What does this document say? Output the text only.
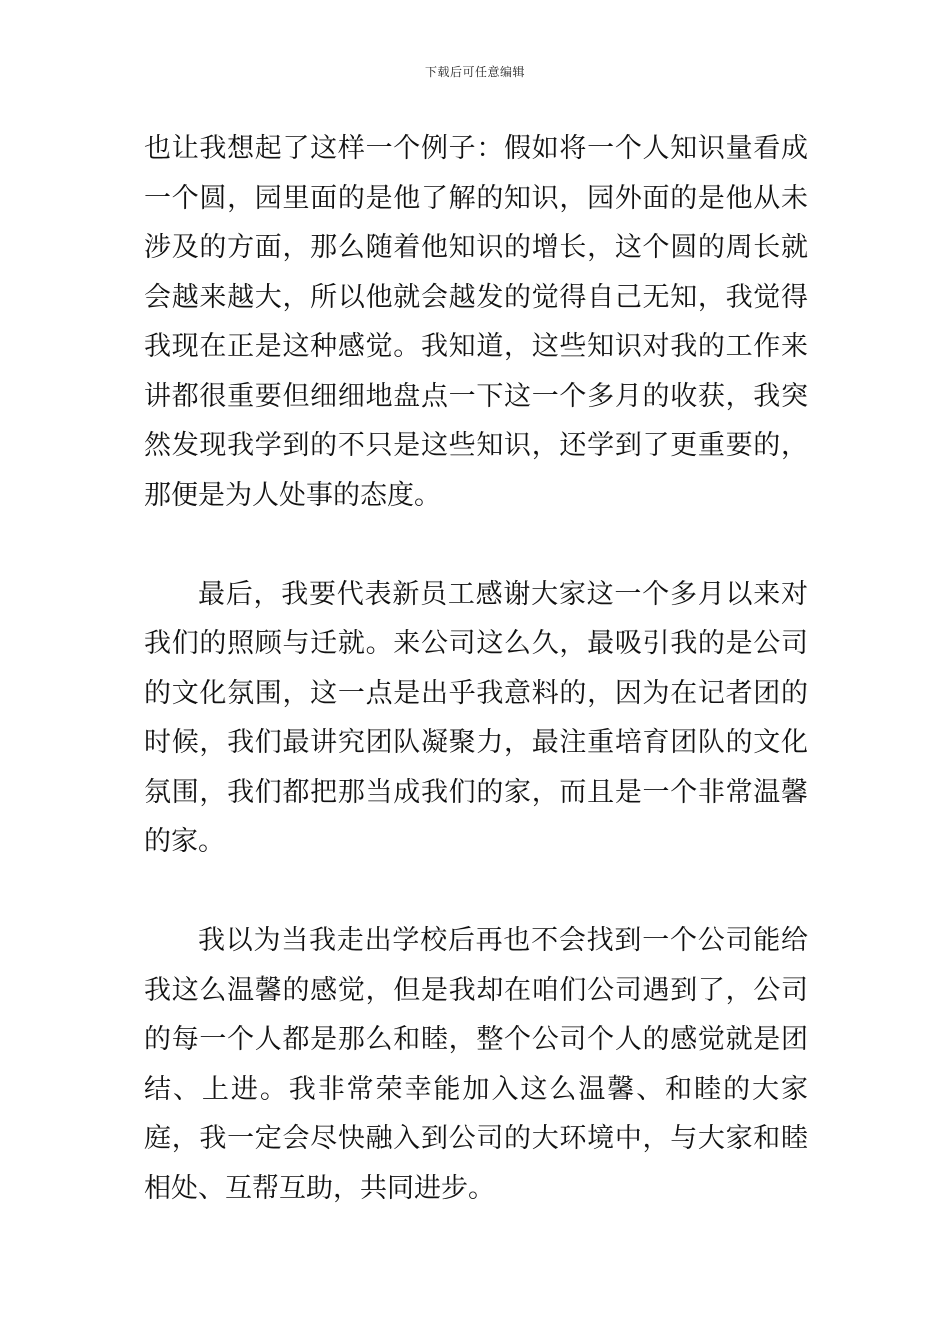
下载后可任意编辑

也让我想起了这样一个例子：假如将一个人知识量看成一个圆，园里面的是他了解的知识，园外面的是他从未涉及的方面，那么随着他知识的增长，这个圆的周长就会越来越大，所以他就会越发的觉得自己无知，我觉得我现在正是这种感觉。我知道，这些知识对我的工作来讲都很重要但细细地盘点一下这一个多月的收获，我突然发现我学到的不只是这些知识，还学到了更重要的，那便是为人处事的态度。

最后，我要代表新员工感谢大家这一个多月以来对我们的照顾与迁就。来公司这么久，最吸引我的是公司的文化氛围，这一点是出乎我意料的，因为在记者团的时候，我们最讲究团队凝聚力，最注重培育团队的文化氛围，我们都把那当成我们的家，而且是一个非常温馨的家。

我以为当我走出学校后再也不会找到一个公司能给我这么温馨的感觉，但是我却在咱们公司遇到了，公司的每一个人都是那么和睦，整个公司个人的感觉就是团结、上进。我非常荣幸能加入这么温馨、和睦的大家庭，我一定会尽快融入到公司的大环境中，与大家和睦相处、互帮互助，共同进步。
